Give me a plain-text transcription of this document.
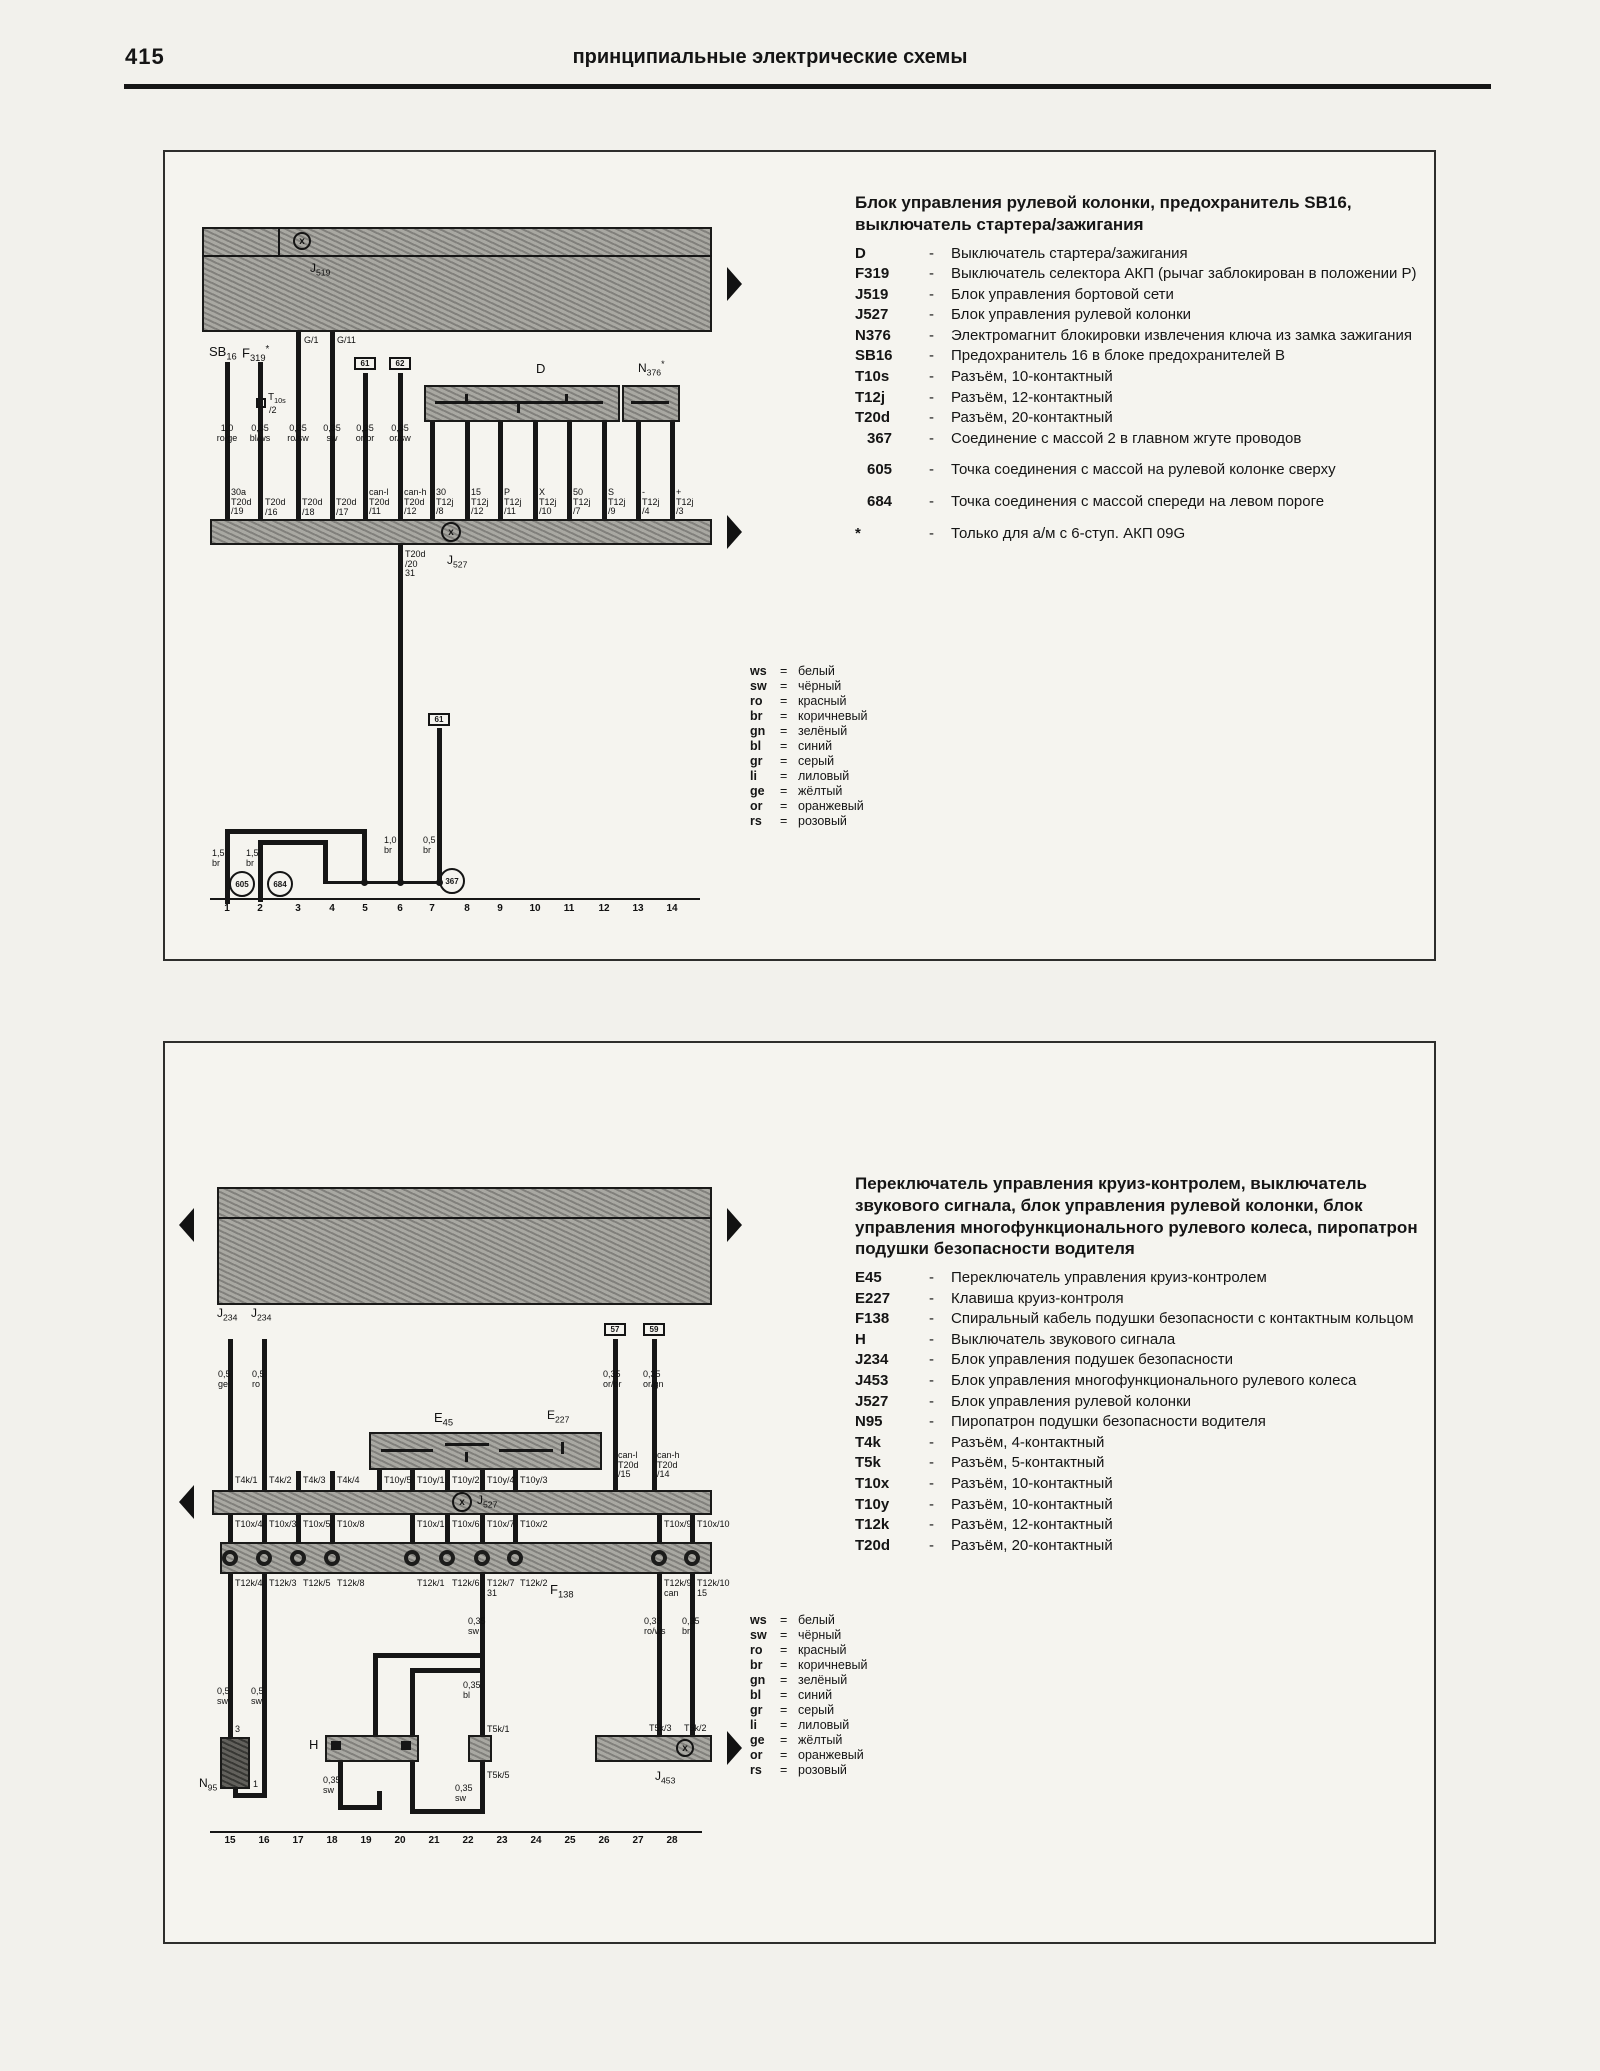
415	принципиальные электрические схемы
x
x
605	684	367
61	62
61
$SB_{16}$ $F_{319}^*$
$T_{10s}$
/2
G/1 G/11
$J_{519}$
D	$N_{376}^*$
1,0
ro/ge
0,35
bl/ws
0,35
ro/sw
0,35
sw
0,35
or/br
0,35
or/sw
30a
T20d
/19
T20d
/16
T20d
/18
T20d
/17
can-l
T20d
/11
can-h
T20d
/12
30
T12j
/8
15
T12j
/12
P
T12j
/11
X
T12j
/10
50
T12j
/7
S
T12j
/9
-
T12j
/4
+
T12j
/3
T20d
/20
31
$J_{527}$
1,5
br
1,5
br
1,0
br
0,5
br
1	2	3	4	5	6	7	8	9	10	11	12	13	14
Блок управления рулевой колонки, предохранитель SB16, выключатель стартера/зажигания
D	-	Выключатель стартера/зажигания
F319	-	Выключатель селектора АКП (рычаг заблокирован в положении P)
J519	-	Блок управления бортовой сети
J527	-	Блок управления рулевой колонки
N376	-	Электромагнит блокировки извлечения ключа из замка зажигания
SB16	-	Предохранитель 16 в блоке предохранителей B
T10s	-	Разъём, 10-контактный
T12j	-	Разъём, 12-контактный
T20d	-	Разъём, 20-контактный
367	-	Соединение с массой 2 в главном жгуте проводов
605	-	Точка соединения с массой на рулевой колонке сверху
684	-	Точка соединения с массой спереди на левом пороге
*	-	Только для а/м с 6-ступ. АКП 09G
ws	= белый
sw	= чёрный
ro	= красный
br	= коричневый
gn	= зелёный
bl	= синий
gr	= серый
li	= лиловый
ge	= жёлтый
or	= оранжевый
rs	= розовый
x
x
57	59
$J_{234}$ $J_{234}$
0,5
ge
0,5
ro
T4k/1 T4k/2 T4k/3 T4k/4
$E_{45}$
$E_{227}$
T10y/5 T10y/1 T10y/2 T10y/4 T10y/3
0,35
or/br
0,35
or/gn
can-l
T20d
/15
can-h
T20d
/14
$J_{527}$
T10x/4 T10x/3 T10x/5 T10x/8	T10x/1 T10x/6 T10x/7 T10x/2	T10x/9 T10x/10
T12k/4 T12k/3 T12k/5 T12k/8	T12k/1 T12k/6 T12k/7
31
T12k/2	T12k/9
can
T12k/10
15
$F_{138}$
0,5
sw
0,5
sw
3
1
$N_{95}$
0,35
sw
0,35
bl
T5k/1
H
0,35
sw
T5k/5
0,35
sw
0,35
ro/ws
0,35
br
T5k/3 T5k/2
$J_{453}$
15	16	17	18	19	20	21	22	23	24	25	26	27	28
Переключатель управления круиз-контролем, выключатель звукового сигнала, блок управления рулевой колонки, блок управления многофункционального рулевого колеса, пиропатрон подушки безопасности водителя
E45	-	Переключатель управления круиз-контролем
E227	-	Клавиша круиз-контроля
F138	-	Спиральный кабель подушки безопасности с контактным кольцом
H	-	Выключатель звукового сигнала
J234	-	Блок управления подушек безопасности
J453	-	Блок управления многофункционального рулевого колеса
J527	-	Блок управления рулевой колонки
N95	-	Пиропатрон подушки безопасности водителя
T4k	-	Разъём, 4-контактный
T5k	-	Разъём, 5-контактный
T10x	-	Разъём, 10-контактный
T10y	-	Разъём, 10-контактный
T12k	-	Разъём, 12-контактный
T20d	-	Разъём, 20-контактный
ws	= белый
sw	= чёрный
ro	= красный
br	= коричневый
gn	= зелёный
bl	= синий
gr	= серый
li	= лиловый
ge	= жёлтый
or	= оранжевый
rs	= розовый
